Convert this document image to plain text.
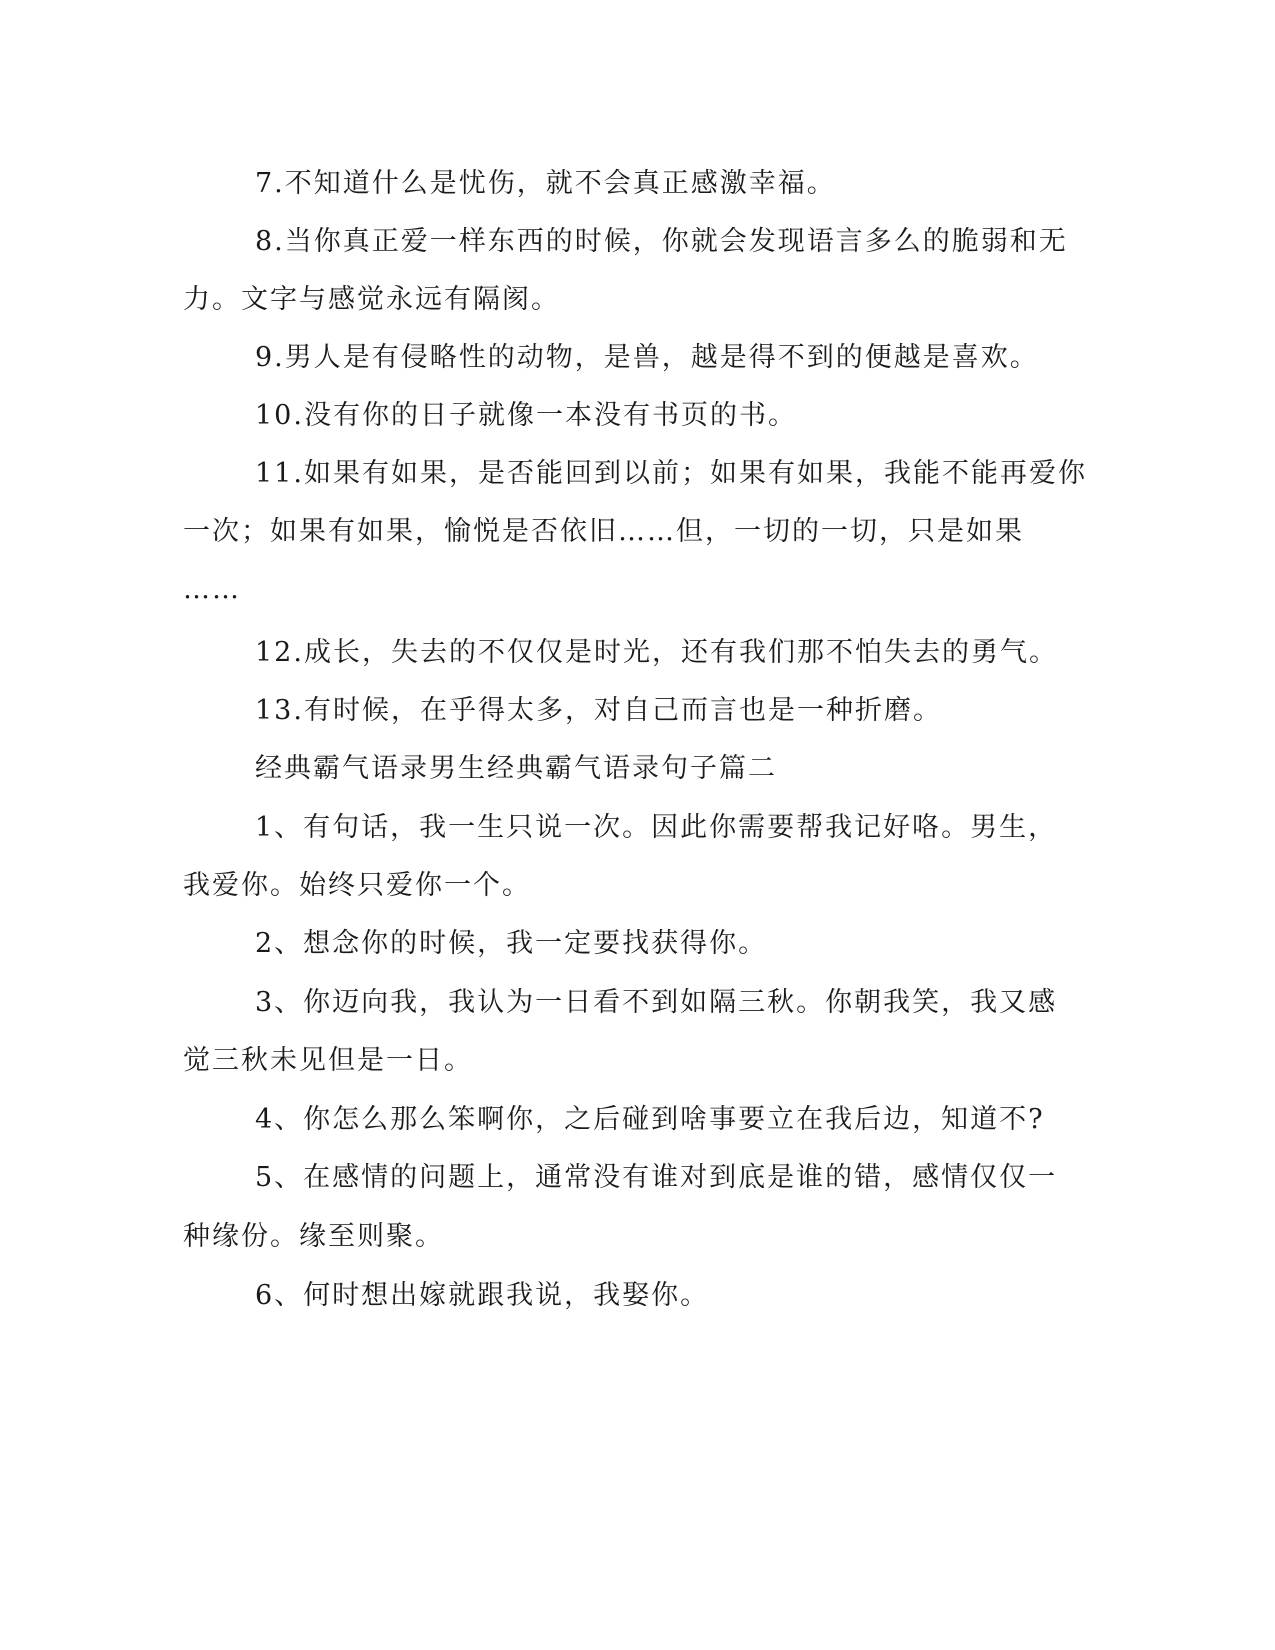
7.不知道什么是忧伤，就不会真正感激幸福。
8.当你真正爱一样东西的时候，你就会发现语言多么的脆弱和无
力。文字与感觉永远有隔阂。
9.男人是有侵略性的动物，是兽，越是得不到的便越是喜欢。
10.没有你的日子就像一本没有书页的书。
11.如果有如果，是否能回到以前；如果有如果，我能不能再爱你
一次；如果有如果，愉悦是否依旧……但，一切的一切，只是如果
……
12.成长，失去的不仅仅是时光，还有我们那不怕失去的勇气。
13.有时候，在乎得太多，对自己而言也是一种折磨。
经典霸气语录男生经典霸气语录句子篇二
1、有句话，我一生只说一次。因此你需要帮我记好咯。男生，
我爱你。始终只爱你一个。
2、想念你的时候，我一定要找获得你。
3、你迈向我，我认为一日看不到如隔三秋。你朝我笑，我又感
觉三秋未见但是一日。
4、你怎么那么笨啊你，之后碰到啥事要立在我后边，知道不?
5、在感情的问题上，通常没有谁对到底是谁的错，感情仅仅一
种缘份。缘至则聚。
6、何时想出嫁就跟我说，我娶你。
